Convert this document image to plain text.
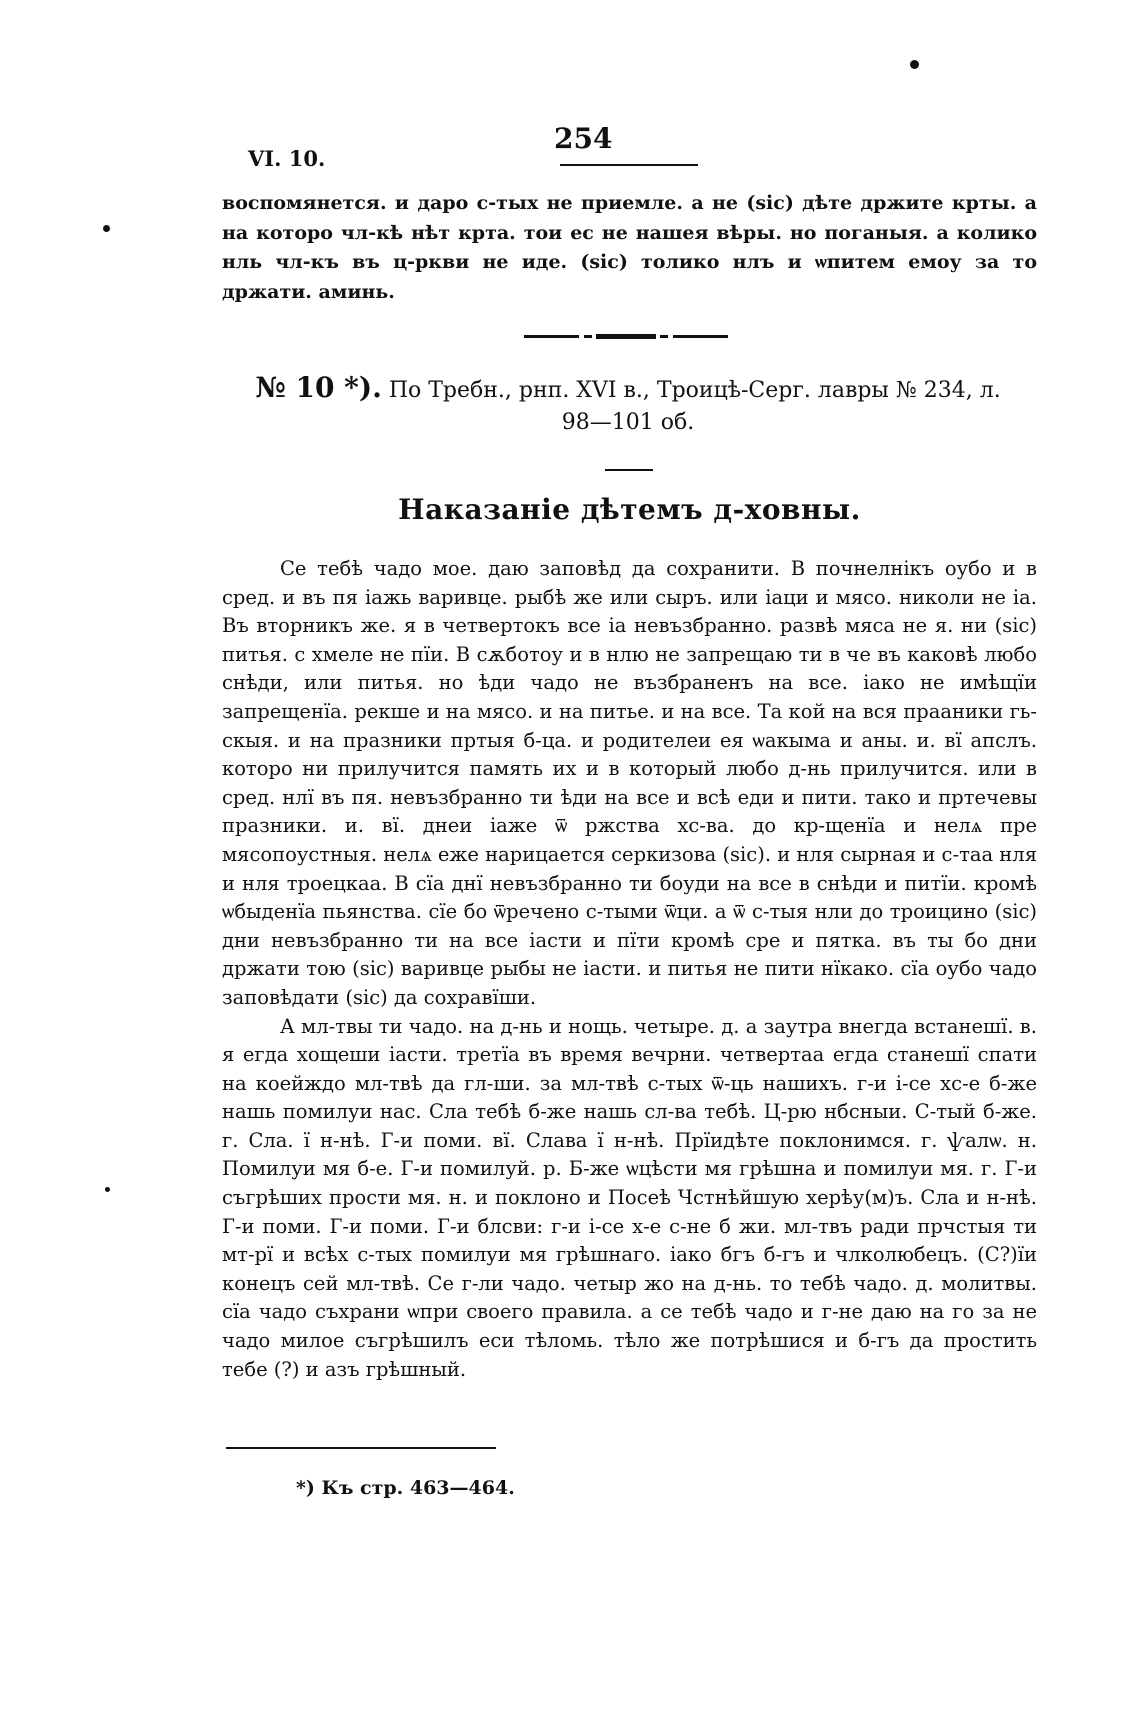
VI. 10.
254

воспомянется. и даро с-тых не приемле. а не (sic) дѣте држите крты. а на которо чл-кѣ нѣт крта. тои ес не нашея вѣры. но поганыя. а колико нль чл-къ въ ц-ркви не иде. (sic) толико нлъ и ѡпитем емоу за то држати. аминь.

№ 10 *). По Требн., рнп. XVI в., Троицѣ-Серг. лавры № 234, л. 98—101 об.
Наказаніе дѣтемъ д-ховны.

Се тебѣ чадо мое. даю заповѣд да сохранити. В почнелнікъ оубо и в сред. и въ пя іажь варивце. рыбѣ же или сыръ. или іаци и мясо. николи не іа. Въ вторникъ же. я в четвертокъ все іа невъзбранно. развѣ мяса не я. ни (sic) питья. с хмеле не пїи. В сѫботоу и в нлю не запрещаю ти в че въ каковѣ любо снѣди, или питья. но ѣди чадо не възбраненъ на все. іако не имѣщїи запрещенїа. рекше и на мясо. и на питье. и на все. Та кой на вся прааники гь-скыя. и на празники пртыя б-ца. и родителеи ея ѡакыма и аны. и. вї апслъ. которо ни прилучится память их и в который любо д-нь прилучится. или в сред. нлї въ пя. невъзбранно ти ѣди на все и всѣ еди и пити. тако и пртечевы празники. и. вї. днеи іаже ѿ ржства хс-ва. до кр-щенїа и нелѧ пре мясопоустныя. нелѧ еже нарицается серкизова (sic). и нля сырная и с-таа нля и нля троецкаа. В сїа днї невъзбранно ти боуди на все в снѣди и питїи. кромѣ ѡбыденїа пьянства. сїе бо ѿречено с-тыми ѿци. а ѿ с-тыя нли до троицино (sic) дни невъзбранно ти на все іасти и пїти кромѣ сре и пятка. въ ты бо дни држати тою (sic) варивце рыбы не іасти. и питья не пити нїкако. сїа оубо чадо заповѣдати (sic) да сохравїши.

А мл-твы ти чадо. на д-нь и нощь. четыре. д. а заутра внегда встанешї. в. я егда хощеши іасти. третїа въ время вечрни. четвертаа егда станешї спати на коейждо мл-твѣ да гл-ши. за мл-твѣ с-тых ѿ-ць нашихъ. г-и і-се хс-е б-же нашь помилуи нас. Сла тебѣ б-же нашь сл-ва тебѣ. Ц-рю нбсныи. С-тый б-же. г. Сла. ї н-нѣ. Г-и поми. вї. Слава ї н-нѣ. Прїидѣте поклонимся. г. ѱалѡ. н. Помилуи мя б-е. Г-и помилуй. р. Б-же ѡцѣсти мя грѣшна и помилуи мя. г. Г-и съгрѣших прости мя. н. и поклоно и Посеѣ Чстнѣйшую херѣу(м)ъ. Сла и н-нѣ. Г-и поми. Г-и поми. Г-и блсви: г-и і-се х-е с-не б жи. мл-твъ ради прчстыя ти мт-рї и всѣх с-тых помилуи мя грѣшнаго. іако бгъ б-гъ и члколюбецъ. (С?)їи конецъ сей мл-твѣ. Се г-ли чадо. четыр жо на д-нь. то тебѣ чадо. д. молитвы. сїа чадо съхрани ѡпри своего правила. а се тебѣ чадо и г-не даю на го за не чадо милое съгрѣшилъ еси тѣломь. тѣло же потрѣшися и б-гъ да простить тебе (?) и азъ грѣшный.

*) Къ стр. 463—464.
